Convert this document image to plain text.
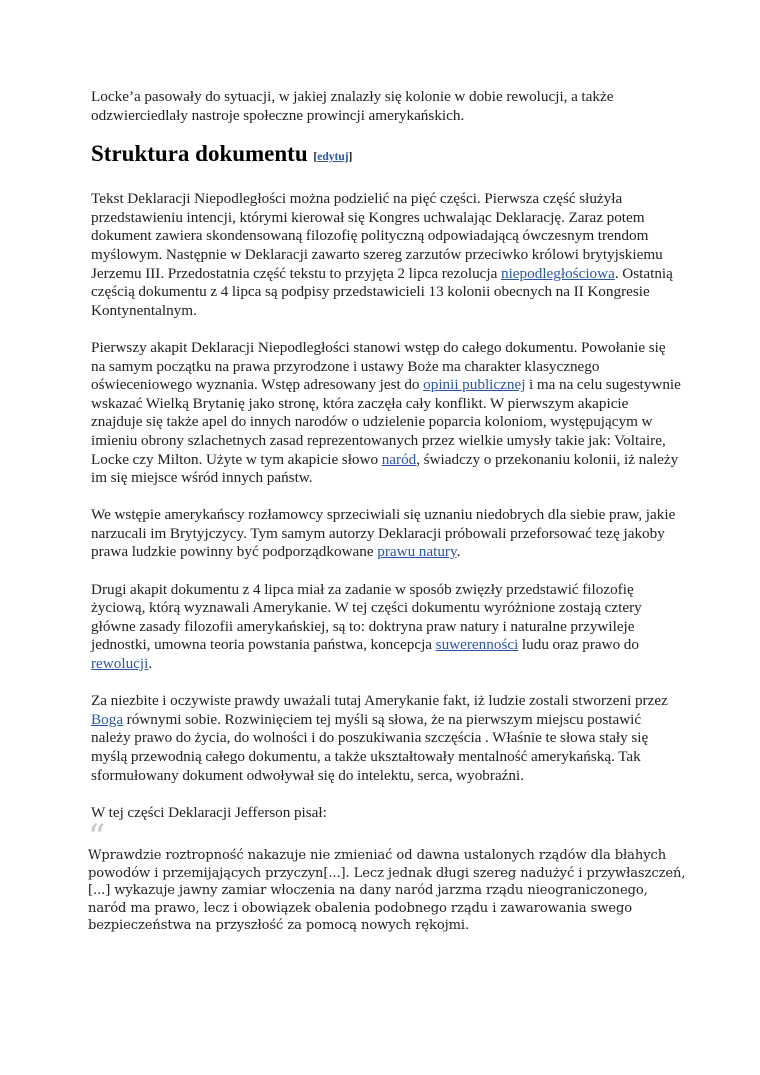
Locke’a pasowały do sytuacji, w jakiej znalazły się kolonie w dobie rewolucji, a także odzwierciedlały nastroje społeczne prowincji amerykańskich.

Struktura dokumentu [edytuj]

Tekst Deklaracji Niepodległości można podzielić na pięć części. Pierwsza część służyła przedstawieniu intencji, którymi kierował się Kongres uchwalając Deklarację. Zaraz potem dokument zawiera skondensowaną filozofię polityczną odpowiadającą ówczesnym trendom myślowym. Następnie w Deklaracji zawarto szereg zarzutów przeciwko królowi brytyjskiemu Jerzemu III. Przedostatnia część tekstu to przyjęta 2 lipca rezolucja niepodległościowa. Ostatnią częścią dokumentu z 4 lipca są podpisy przedstawicieli 13 kolonii obecnych na II Kongresie Kontynentalnym.

Pierwszy akapit Deklaracji Niepodległości stanowi wstęp do całego dokumentu. Powołanie się na samym początku na prawa przyrodzone i ustawy Boże ma charakter klasycznego oświeceniowego wyznania. Wstęp adresowany jest do opinii publicznej i ma na celu sugestywnie wskazać Wielką Brytanię jako stronę, która zaczęła cały konflikt. W pierwszym akapicie znajduje się także apel do innych narodów o udzielenie poparcia koloniom, występującym w imieniu obrony szlachetnych zasad reprezentowanych przez wielkie umysły takie jak: Voltaire, Locke czy Milton. Użyte w tym akapicie słowo naród, świadczy o przekonaniu kolonii, iż należy im się miejsce wśród innych państw.

We wstępie amerykańscy rozłamowcy sprzeciwiali się uznaniu niedobrych dla siebie praw, jakie narzucali im Brytyjczycy. Tym samym autorzy Deklaracji próbowali przeforsować tezę jakoby prawa ludzkie powinny być podporządkowane prawu natury.

Drugi akapit dokumentu z 4 lipca miał za zadanie w sposób zwięzły przedstawić filozofię życiową, którą wyznawali Amerykanie. W tej części dokumentu wyróżnione zostają cztery główne zasady filozofii amerykańskiej, są to: doktryna praw natury i naturalne przywileje jednostki, umowna teoria powstania państwa, koncepcja suwerenności ludu oraz prawo do rewolucji.

Za niezbite i oczywiste prawdy uważali tutaj Amerykanie fakt, iż ludzie zostali stworzeni przez Boga równymi sobie. Rozwinięciem tej myśli są słowa, że na pierwszym miejscu postawić należy prawo do życia, do wolności i do poszukiwania szczęścia . Właśnie te słowa stały się myślą przewodnią całego dokumentu, a także ukształtowały mentalność amerykańską. Tak sformułowany dokument odwoływał się do intelektu, serca, wyobraźni.

W tej części Deklaracji Jefferson pisał:

“

Wprawdzie roztropność nakazuje nie zmieniać od dawna ustalonych rządów dla błahych powodów i przemijających przyczyn[...]. Lecz jednak długi szereg nadużyć i przywłaszczeń, [...] wykazuje jawny zamiar włoczenia na dany naród jarzma rządu nieograniczonego, naród ma prawo, lecz i obowiązek obalenia podobnego rządu i zawarowania swego bezpieczeństwa na przyszłość za pomocą nowych rękojmi.
